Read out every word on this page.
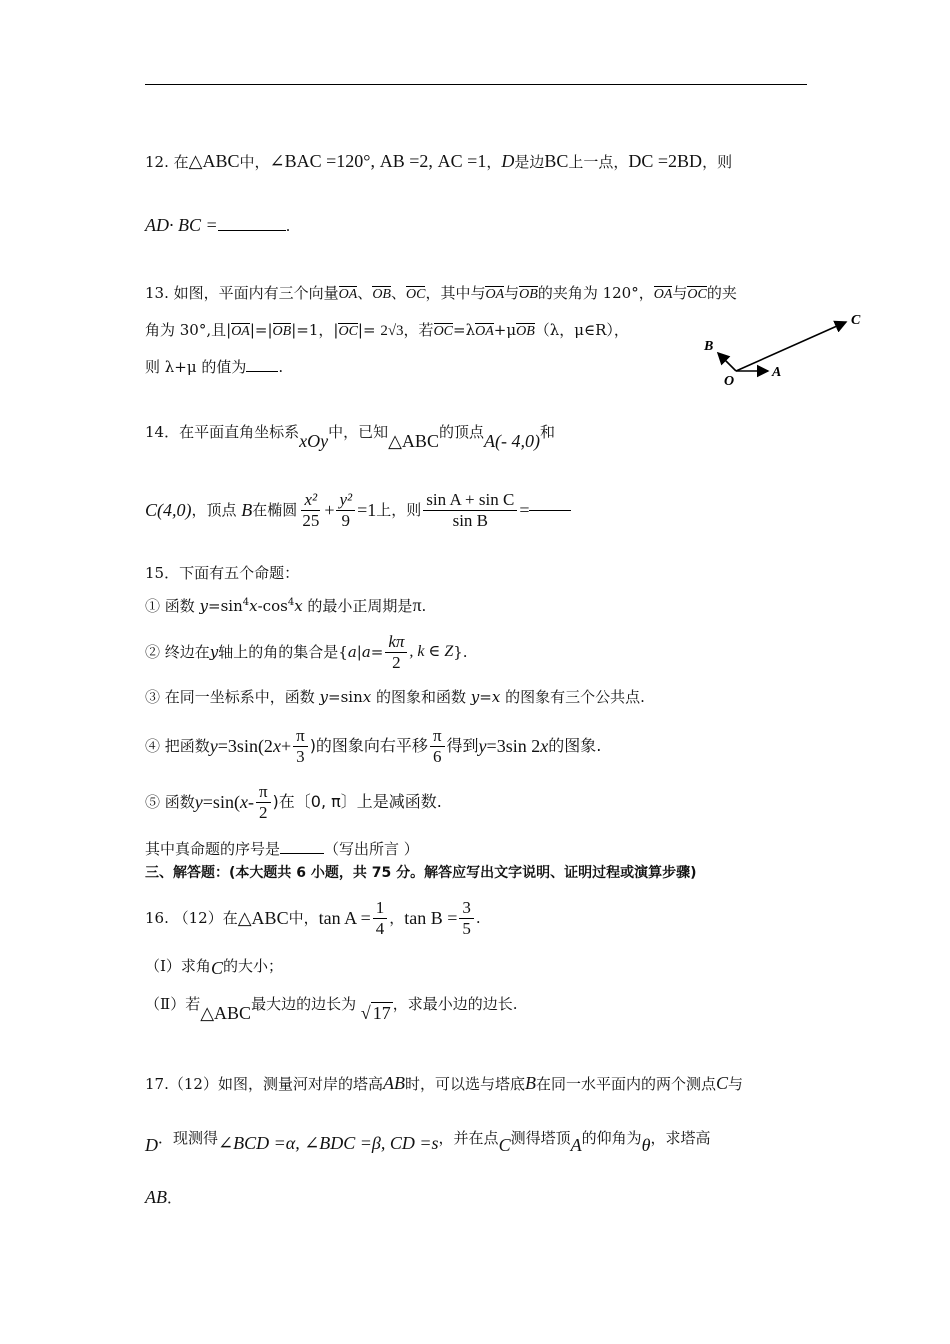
12. 在△ABC中，∠BAC =120°, AB =2, AC =1，D是边BC上一点，DC =2BD，则
AD· BC =	.
13. 如图，平面内有三个向量OA、OB、OC，其中与OA与OB的夹角为 120°，OA与OC的夹
角为 30°,且|OA|=|OB|=1，|OC|= 2√3，若OC=λOA+μOB（λ，μ∈R），
则 λ+μ 的值为 .
C
B
O
A
14．在平面直角坐标系xOy中，已知△ABC的顶点A(- 4,0)和
C(4,0) ，顶点
B 在椭圆 $\frac{\text{x²}}{25} + \frac{\text{y²}}{9} =1$ 上，则 $\frac{\text{sin A + sin C}}{\text{sin B}}$ =
15．下面有五个命题：
① 函数 $y=\sin^4x-\cos^4x$ 的最小正周期是π.
② 终边在 y 轴上的角的集合是{ a | $a = \frac{k\pi}{2}$ , k ∈ Z }.
③ 在同一坐标系中，函数 y=sinx 的图象和函数 y=x 的图象有三个公共点.
④ 把函数 y =3sin(2 $x + \frac{\pi}{3}$ )的图象向右平移 $\frac{\pi}{6}$ 得到 y =3sin 2 x 的图象.
⑤ 函数 y =sin( x - $\frac{\pi}{2}$ )在〔0, π〕上是减函数.
其中真命题的序号是	（写出所言 ）
三、解答题：(本大题共 6 小题，共 75 分。解答应写出文字说明、证明过程或演算步骤)
16. （12）在 △ABC 中， $\tan A = \frac{1}{4}$ ， $\tan B = \frac{3}{5}$ .
（Ⅰ）求角C的大小；
（Ⅱ）若△ABC最大边的边长为 √ 17 ，求最小边的边长.
17.（12）如图，测量河对岸的塔高AB时，可以选与塔底B在同一水平面内的两个测点C与
D．现测得∠BCD =α, ∠BDC =β, CD =s，并在点C测得塔顶A的仰角为θ，求塔高
AB．
